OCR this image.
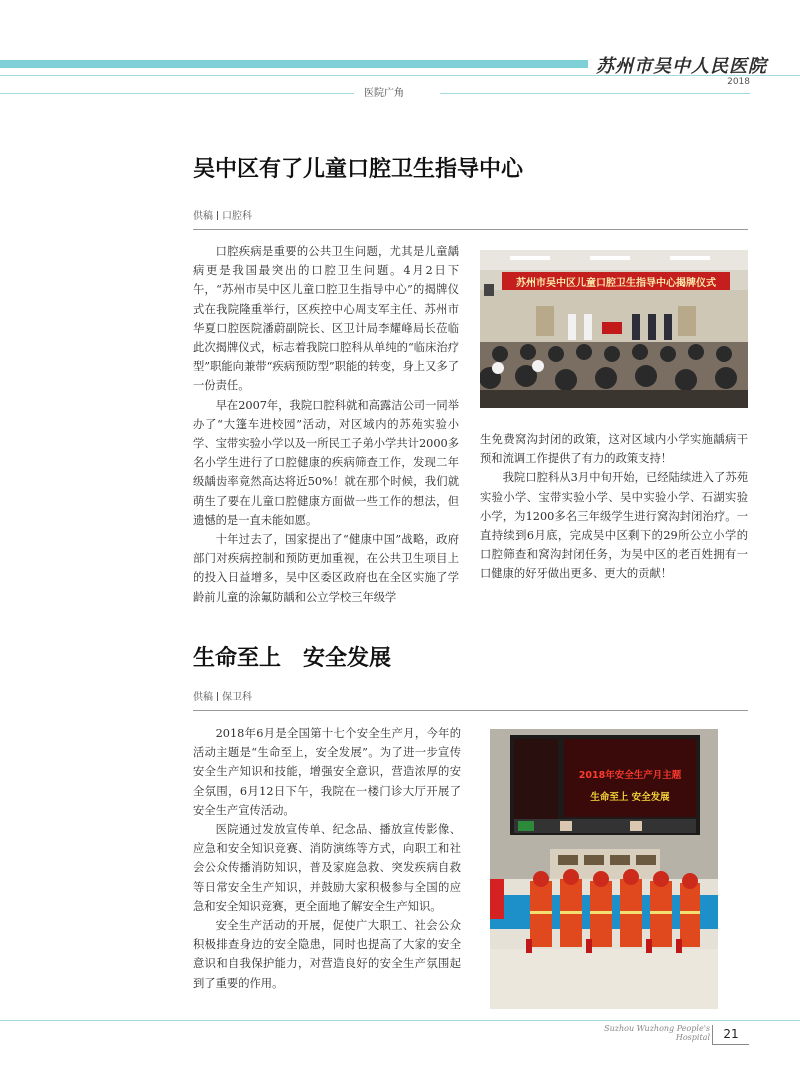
苏州市吴中人民医院
2018
医院广角
吴中区有了儿童口腔卫生指导中心
供稿 口腔科

口腔疾病是重要的公共卫生问题，尤其是儿童龋病更是我国最突出的口腔卫生问题。4月2日下午，“苏州市吴中区儿童口腔卫生指导中心”的揭牌仪式在我院隆重举行，区疾控中心周支军主任、苏州市华夏口腔医院潘蔚副院长、区卫计局李耀峰局长莅临此次揭牌仪式，标志着我院口腔科从单纯的“临床治疗型”职能向兼带“疾病预防型”职能的转变，身上又多了一份责任。

早在2007年，我院口腔科就和高露洁公司一同举办了“大篷车进校园”活动，对区域内的苏苑实验小学、宝带实验小学以及一所民工子弟小学共计2000多名小学生进行了口腔健康的疾病筛查工作，发现二年级龋齿率竟然高达将近50%！就在那个时候，我们就萌生了要在儿童口腔健康方面做一些工作的想法，但遗憾的是一直未能如愿。

十年过去了，国家提出了“健康中国”战略，政府部门对疾病控制和预防更加重视，在公共卫生项目上的投入日益增多，吴中区委区政府也在全区实施了学龄前儿童的涂氟防龋和公立学校三年级学

苏州市吴中区儿童口腔卫生指导中心揭牌仪式

生免费窝沟封闭的政策，这对区域内小学实施龋病干预和流调工作提供了有力的政策支持！

我院口腔科从3月中旬开始，已经陆续进入了苏苑实验小学、宝带实验小学、吴中实验小学、石湖实验小学，为1200多名三年级学生进行窝沟封闭治疗。一直持续到6月底，完成吴中区剩下的29所公立小学的口腔筛查和窝沟封闭任务，为吴中区的老百姓拥有一口健康的好牙做出更多、更大的贡献！

生命至上　安全发展
供稿 保卫科

2018年6月是全国第十七个安全生产月，今年的活动主题是“生命至上，安全发展”。为了进一步宣传安全生产知识和技能，增强安全意识，营造浓厚的安全氛围，6月12日下午，我院在一楼门诊大厅开展了安全生产宣传活动。

医院通过发放宣传单、纪念品、播放宣传影像、应急和安全知识竞赛、消防演练等方式，向职工和社会公众传播消防知识，普及家庭急救、突发疾病自救等日常安全生产知识，并鼓励大家积极参与全国的应急和安全知识竞赛，更全面地了解安全生产知识。

安全生产活动的开展，促使广大职工、社会公众积极排查身边的安全隐患，同时也提高了大家的安全意识和自我保护能力，对营造良好的安全生产氛围起到了重要的作用。

2018年安全生产月主题
生命至上 安全发展
Suzhou Wuzhong People's Hospital	21
